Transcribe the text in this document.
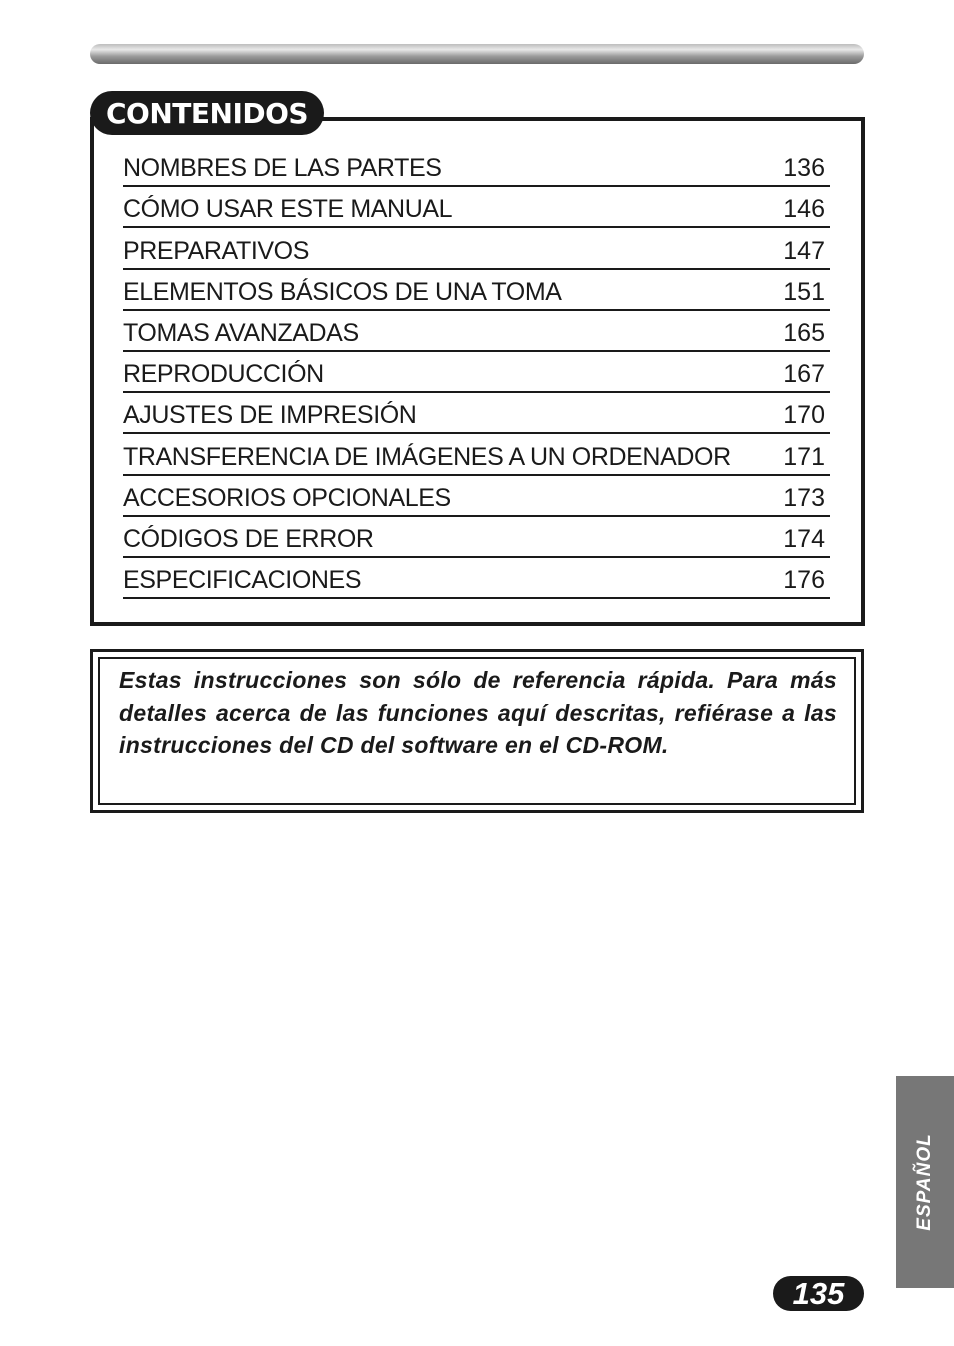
CONTENIDOS
NOMBRES DE LAS PARTES	136
CÓMO USAR ESTE MANUAL	146
PREPARATIVOS	147
ELEMENTOS BÁSICOS DE UNA TOMA	151
TOMAS AVANZADAS	165
REPRODUCCIÓN	167
AJUSTES DE IMPRESIÓN	170
TRANSFERENCIA DE IMÁGENES A UN ORDENADOR 171
ACCESORIOS OPCIONALES	173
CÓDIGOS DE ERROR	174
ESPECIFICACIONES	176

Estas instrucciones son sólo de referencia rápida. Para más detalles acerca de las funciones aquí descritas, refiérase a las instrucciones del CD del software en el CD-ROM.

ESPAÑOL
135
